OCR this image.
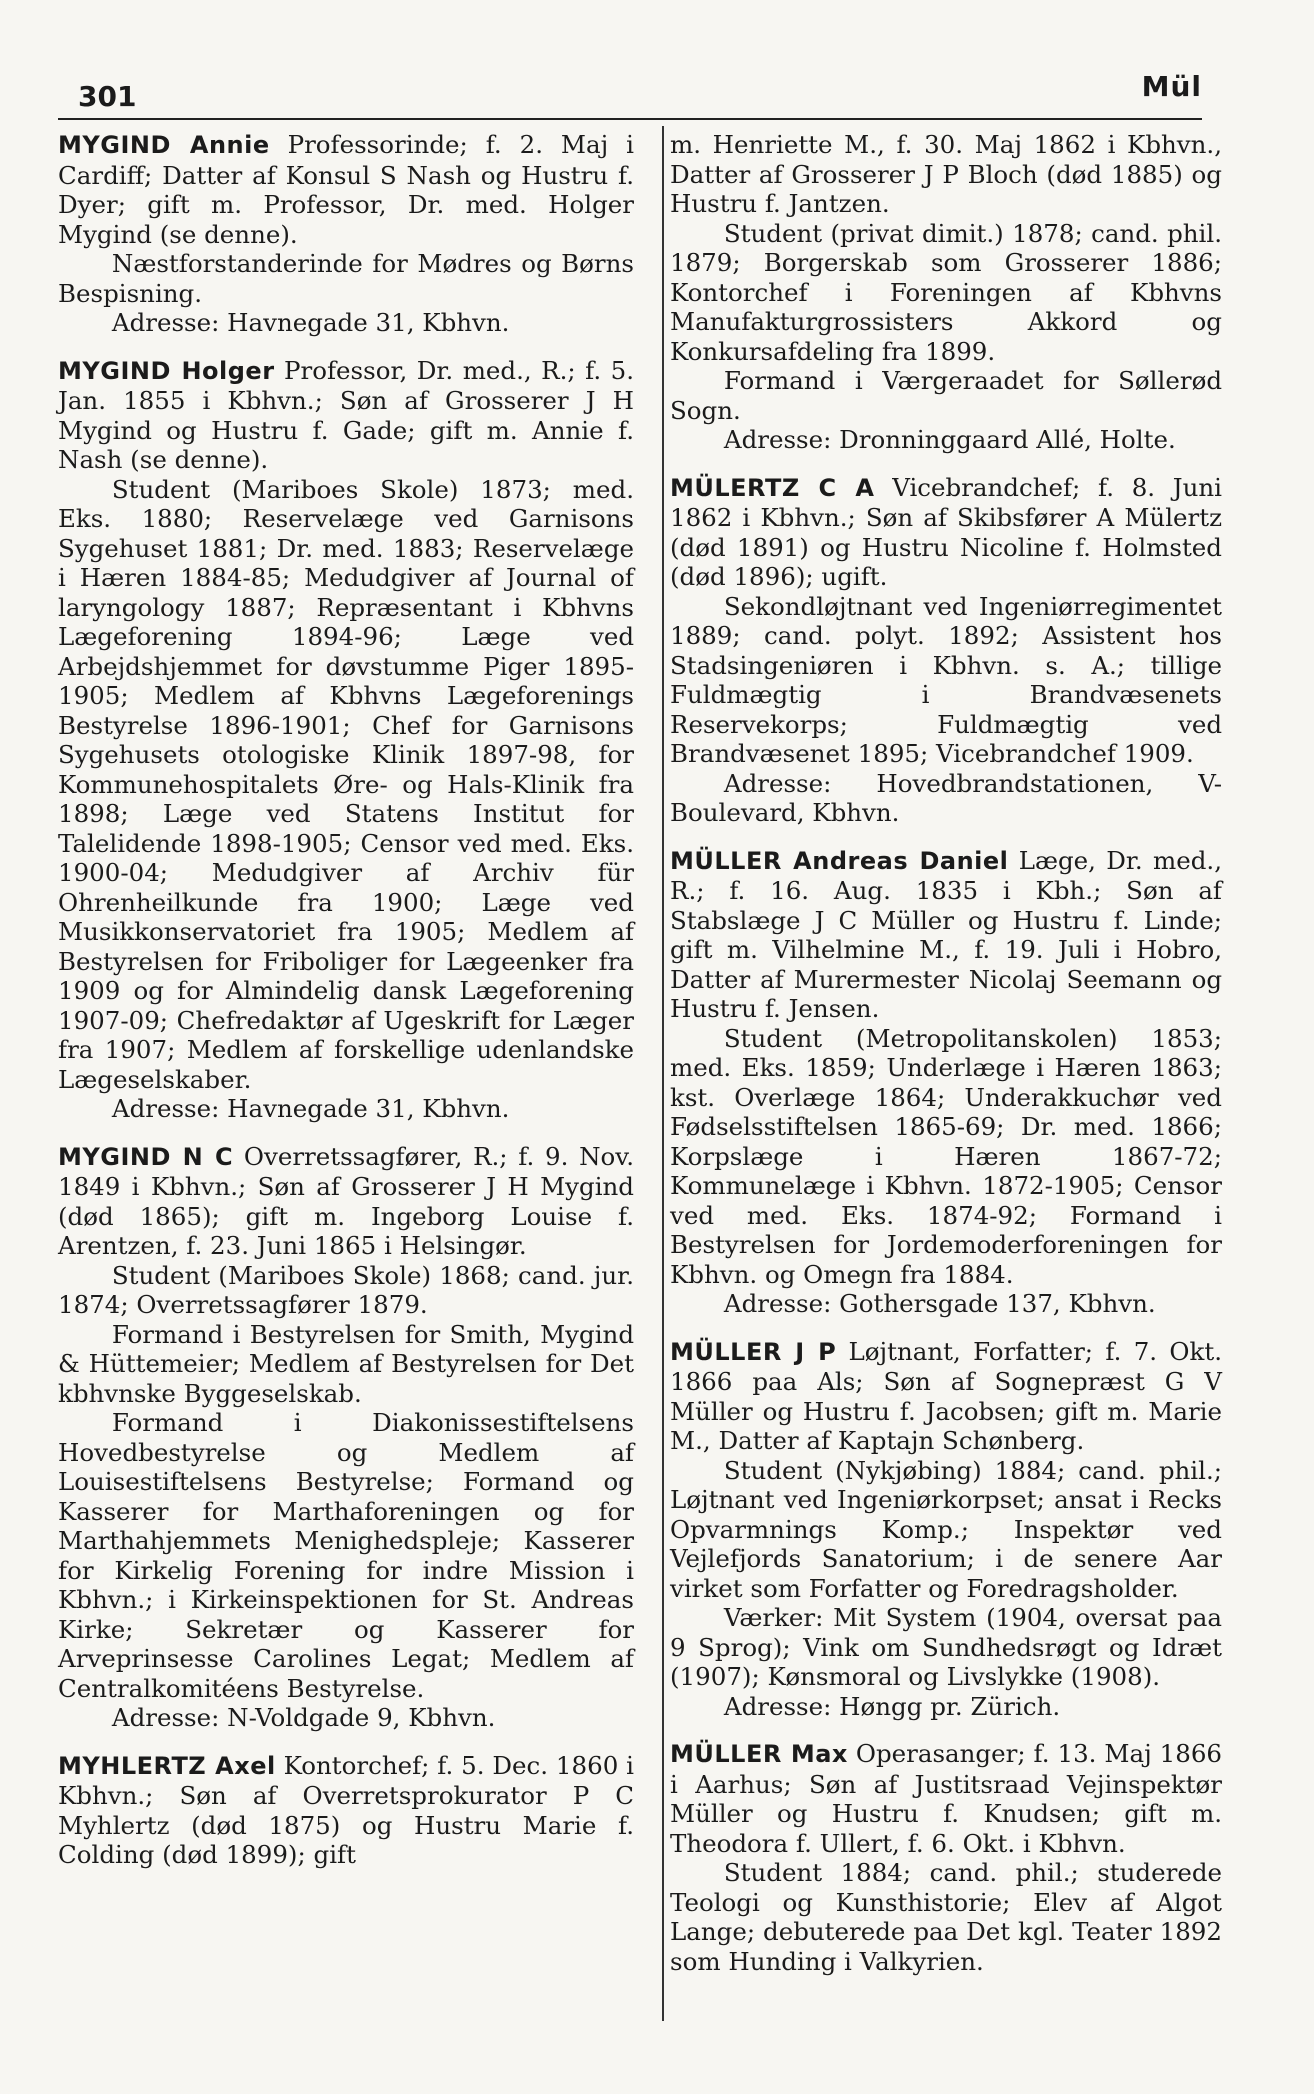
301	Mül

MYGIND Annie Professorinde; f. 2. Maj i Cardiff; Datter af Konsul S Nash og Hustru f. Dyer; gift m. Professor, Dr. med. Holger Mygind (se denne).

Næstforstanderinde for Mødres og Børns Bespisning.

Adresse: Havnegade 31, Kbhvn.

MYGIND Holger Professor, Dr. med., R.; f. 5. Jan. 1855 i Kbhvn.; Søn af Grosserer J H Mygind og Hustru f. Gade; gift m. Annie f. Nash (se denne).

Student (Mariboes Skole) 1873; med. Eks. 1880; Reservelæge ved Garnisons Sygehuset 1881; Dr. med. 1883; Reservelæge i Hæren 1884-85; Medudgiver af Journal of laryngology 1887; Repræsentant i Kbhvns Lægeforening 1894-96; Læge ved Arbejdshjemmet for døvstumme Piger 1895-1905; Medlem af Kbhvns Lægeforenings Bestyrelse 1896-1901; Chef for Garnisons Sygehusets otologiske Klinik 1897-98, for Kommunehospitalets Øre- og Hals-Klinik fra 1898; Læge ved Statens Institut for Talelidende 1898-1905; Censor ved med. Eks. 1900-04; Medudgiver af Archiv für Ohrenheilkunde fra 1900; Læge ved Musikkonservatoriet fra 1905; Medlem af Bestyrelsen for Friboliger for Lægeenker fra 1909 og for Almindelig dansk Lægeforening 1907-09; Chefredaktør af Ugeskrift for Læger fra 1907; Medlem af forskellige udenlandske Lægeselskaber.

Adresse: Havnegade 31, Kbhvn.

MYGIND N C Overretssagfører, R.; f. 9. Nov. 1849 i Kbhvn.; Søn af Grosserer J H Mygind (død 1865); gift m. Ingeborg Louise f. Arentzen, f. 23. Juni 1865 i Helsingør.

Student (Mariboes Skole) 1868; cand. jur. 1874; Overretssagfører 1879.

Formand i Bestyrelsen for Smith, Mygind & Hüttemeier; Medlem af Bestyrelsen for Det kbhvnske Byggeselskab.

Formand i Diakonissestiftelsens Hovedbestyrelse og Medlem af Louisestiftelsens Bestyrelse; Formand og Kasserer for Marthaforeningen og for Marthahjemmets Menighedspleje; Kasserer for Kirkelig Forening for indre Mission i Kbhvn.; i Kirkeinspektionen for St. Andreas Kirke; Sekretær og Kasserer for Arveprinsesse Carolines Legat; Medlem af Centralkomitéens Bestyrelse.

Adresse: N-Voldgade 9, Kbhvn.

MYHLERTZ Axel Kontorchef; f. 5. Dec. 1860 i Kbhvn.; Søn af Overretsprokurator P C Myhlertz (død 1875) og Hustru Marie f. Colding (død 1899); gift

m. Henriette M., f. 30. Maj 1862 i Kbhvn., Datter af Grosserer J P Bloch (død 1885) og Hustru f. Jantzen.

Student (privat dimit.) 1878; cand. phil. 1879; Borgerskab som Grosserer 1886; Kontorchef i Foreningen af Kbhvns Manufakturgrossisters Akkord og Konkursafdeling fra 1899.

Formand i Værgeraadet for Søllerød Sogn.

Adresse: Dronninggaard Allé, Holte.

MÜLERTZ C A Vicebrandchef; f. 8. Juni 1862 i Kbhvn.; Søn af Skibsfører A Mülertz (død 1891) og Hustru Nicoline f. Holmsted (død 1896); ugift.

Sekondløjtnant ved Ingeniørregimentet 1889; cand. polyt. 1892; Assistent hos Stadsingeniøren i Kbhvn. s. A.; tillige Fuldmægtig i Brandvæsenets Reservekorps; Fuldmægtig ved Brandvæsenet 1895; Vicebrandchef 1909.

Adresse: Hovedbrandstationen, V-Boulevard, Kbhvn.

MÜLLER Andreas Daniel Læge, Dr. med., R.; f. 16. Aug. 1835 i Kbh.; Søn af Stabslæge J C Müller og Hustru f. Linde; gift m. Vilhelmine M., f. 19. Juli i Hobro, Datter af Murermester Nicolaj Seemann og Hustru f. Jensen.

Student (Metropolitanskolen) 1853; med. Eks. 1859; Underlæge i Hæren 1863; kst. Overlæge 1864; Underakkuchør ved Fødselsstiftelsen 1865-69; Dr. med. 1866; Korpslæge i Hæren 1867-72; Kommunelæge i Kbhvn. 1872-1905; Censor ved med. Eks. 1874-92; Formand i Bestyrelsen for Jordemoderforeningen for Kbhvn. og Omegn fra 1884.

Adresse: Gothersgade 137, Kbhvn.

MÜLLER J P Løjtnant, Forfatter; f. 7. Okt. 1866 paa Als; Søn af Sognepræst G V Müller og Hustru f. Jacobsen; gift m. Marie M., Datter af Kaptajn Schønberg.

Student (Nykjøbing) 1884; cand. phil.; Løjtnant ved Ingeniørkorpset; ansat i Recks Opvarmnings Komp.; Inspektør ved Vejlefjords Sanatorium; i de senere Aar virket som Forfatter og Foredragsholder.

Værker: Mit System (1904, oversat paa 9 Sprog); Vink om Sundhedsrøgt og Idræt (1907); Kønsmoral og Livslykke (1908).

Adresse: Høngg pr. Zürich.

MÜLLER Max Operasanger; f. 13. Maj 1866 i Aarhus; Søn af Justitsraad Vejinspektør Müller og Hustru f. Knudsen; gift m. Theodora f. Ullert, f. 6. Okt. i Kbhvn.

Student 1884; cand. phil.; studerede Teologi og Kunsthistorie; Elev af Algot Lange; debuterede paa Det kgl. Teater 1892 som Hunding i Valkyrien.
